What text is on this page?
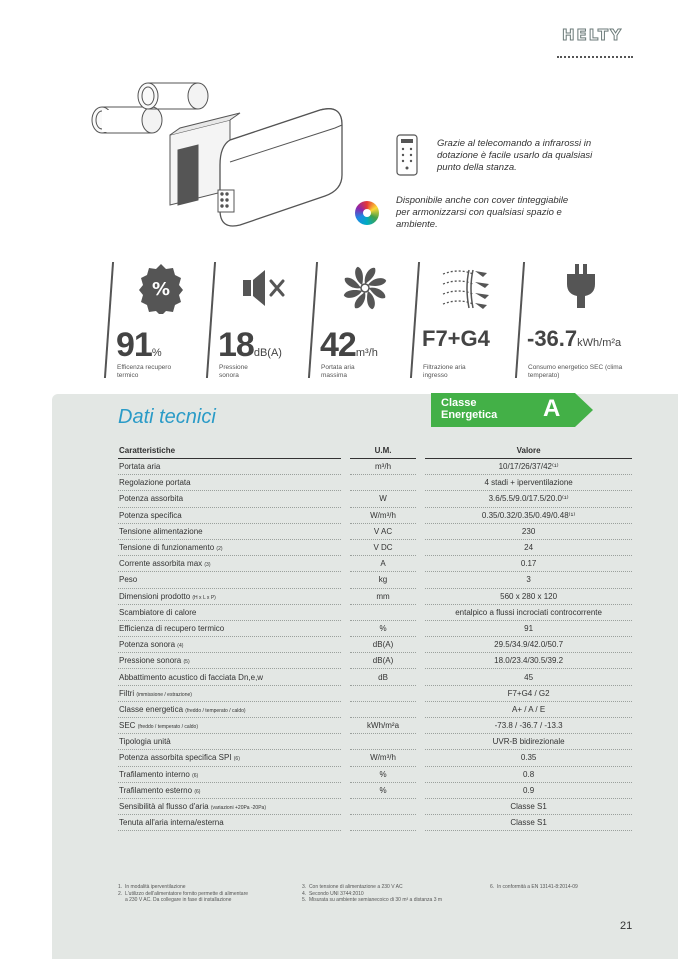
HELTY
Grazie al telecomando a infrarossi in dotazione è facile usarlo da qualsiasi punto della stanza.
Disponibile anche con cover tinteggiabile per armonizzarsi con qualsiasi spazio e ambiente.
%
91%
Efficenza recupero termico
18dB(A)
Pressione sonora
42m³/h
Portata aria massima
F7+G4
Filtrazione aria ingresso
-36.7kWh/m²a
Consumo energetico SEC (clima temperato)
Dati tecnici
Classe
Energetica A
Caratteristiche		U.M.		Valore
Portata aria		m³/h		10/17/26/37/42⁽¹⁾
Regolazione portata				4 stadi + iperventilazione
Potenza assorbita		W		3.6/5.5/9.0/17.5/20.0⁽¹⁾
Potenza specifica		W/m³/h		0.35/0.32/0.35/0.49/0.48⁽¹⁾
Tensione alimentazione		V AC		230
Tensione di funzionamento (2)		V DC		24
Corrente assorbita max (3)		A		0.17
Peso		kg		3
Dimensioni prodotto (H x L x P)		mm		560 x 280 x 120
Scambiatore di calore				entalpico a flussi incrociati controcorrente
Efficienza di recupero termico		%		91
Potenza sonora (4)		dB(A)		29.5/34.9/42.0/50.7
Pressione sonora (5)		dB(A)		18.0/23.4/30.5/39.2
Abbattimento acustico di facciata Dn,e,w		dB		45
Filtri (immissione / estrazione)				F7+G4 / G2
Classe energetica (freddo / temperato / caldo)				A+ / A / E
SEC (freddo / temperato / caldo)		kWh/m²a		-73.8 / -36.7 / -13.3
Tipologia unità				UVR-B bidirezionale
Potenza assorbita specifica SPI (6)		W/m³/h		0.35
Trafilamento interno (6)		%		0.8
Trafilamento esterno (6)		%		0.9
Sensibilità al flusso d'aria (variazioni +20Pa -20Pa)				Classe S1
Tenuta all'aria interna/esterna				Classe S1
1.  In modalità iperventilazione
2.  L'utilizzo dell'alimentatore fornito permette di alimentare
a 230 V AC. Da collegare in fase di installazione
3.  Con tensione di alimentazione a 230 V AC
4.  Secondo UNI 3744:2010
5.  Misurata su ambiente semianecoico di 30 m³ a distanza 3 m
6.  In conformità a EN 13141-8:2014-09
21
